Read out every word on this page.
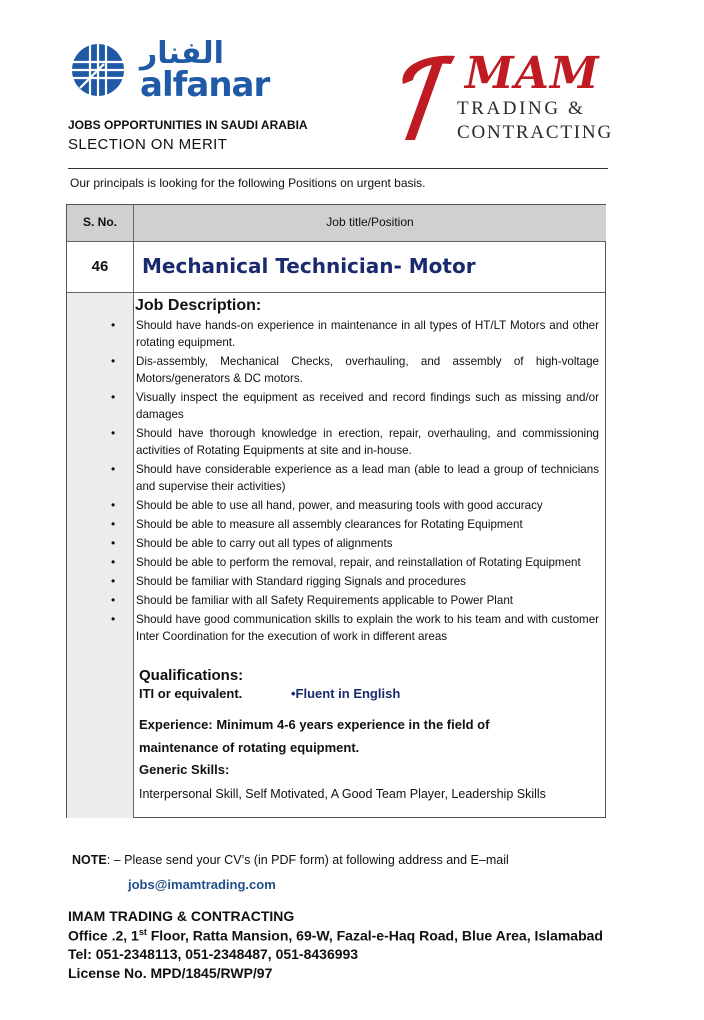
الفنار
alfanar	MAM
TRADING &
CONTRACTING
JOBS OPPORTUNITIES IN SAUDI ARABIA
SLECTION ON MERIT
Our principals is looking for the following Positions on urgent basis.
S. No.	Job title/Position
46	Mechanical Technician- Motor
Job Description:
• Should have hands-on experience in maintenance in all types of HT/LT Motors and other rotating equipment.
• Dis-assembly, Mechanical Checks, overhauling, and assembly of high-voltage Motors/generators & DC motors.
• Visually inspect the equipment as received and record findings such as missing and/or damages
• Should have thorough knowledge in erection, repair, overhauling, and commissioning activities of Rotating Equipments at site and in-house.
• Should have considerable experience as a lead man (able to lead a group of technicians and supervise their activities)
• Should be able to use all hand, power, and measuring tools with good accuracy
• Should be able to measure all assembly clearances for Rotating Equipment
• Should be able to carry out all types of alignments
• Should be able to perform the removal, repair, and reinstallation of Rotating Equipment
• Should be familiar with Standard rigging Signals and procedures
• Should be familiar with all Safety Requirements applicable to Power Plant
• Should have good communication skills to explain the work to his team and with customer Inter Coordination for the execution of work in different areas
Qualifications:
ITI or equivalent.	•Fluent in English
Experience: Minimum 4-6 years experience in the field of
maintenance of rotating equipment.
Generic Skills:
Interpersonal Skill, Self Motivated, A Good Team Player, Leadership Skills
NOTE: – Please send your CV’s (in PDF form) at following address and E–mail
jobs@imamtrading.com
IMAM TRADING & CONTRACTING
Office .2, 1st Floor, Ratta Mansion, 69-W, Fazal-e-Haq Road, Blue Area, Islamabad
Tel: 051-2348113, 051-2348487, 051-8436993
License No. MPD/1845/RWP/97
